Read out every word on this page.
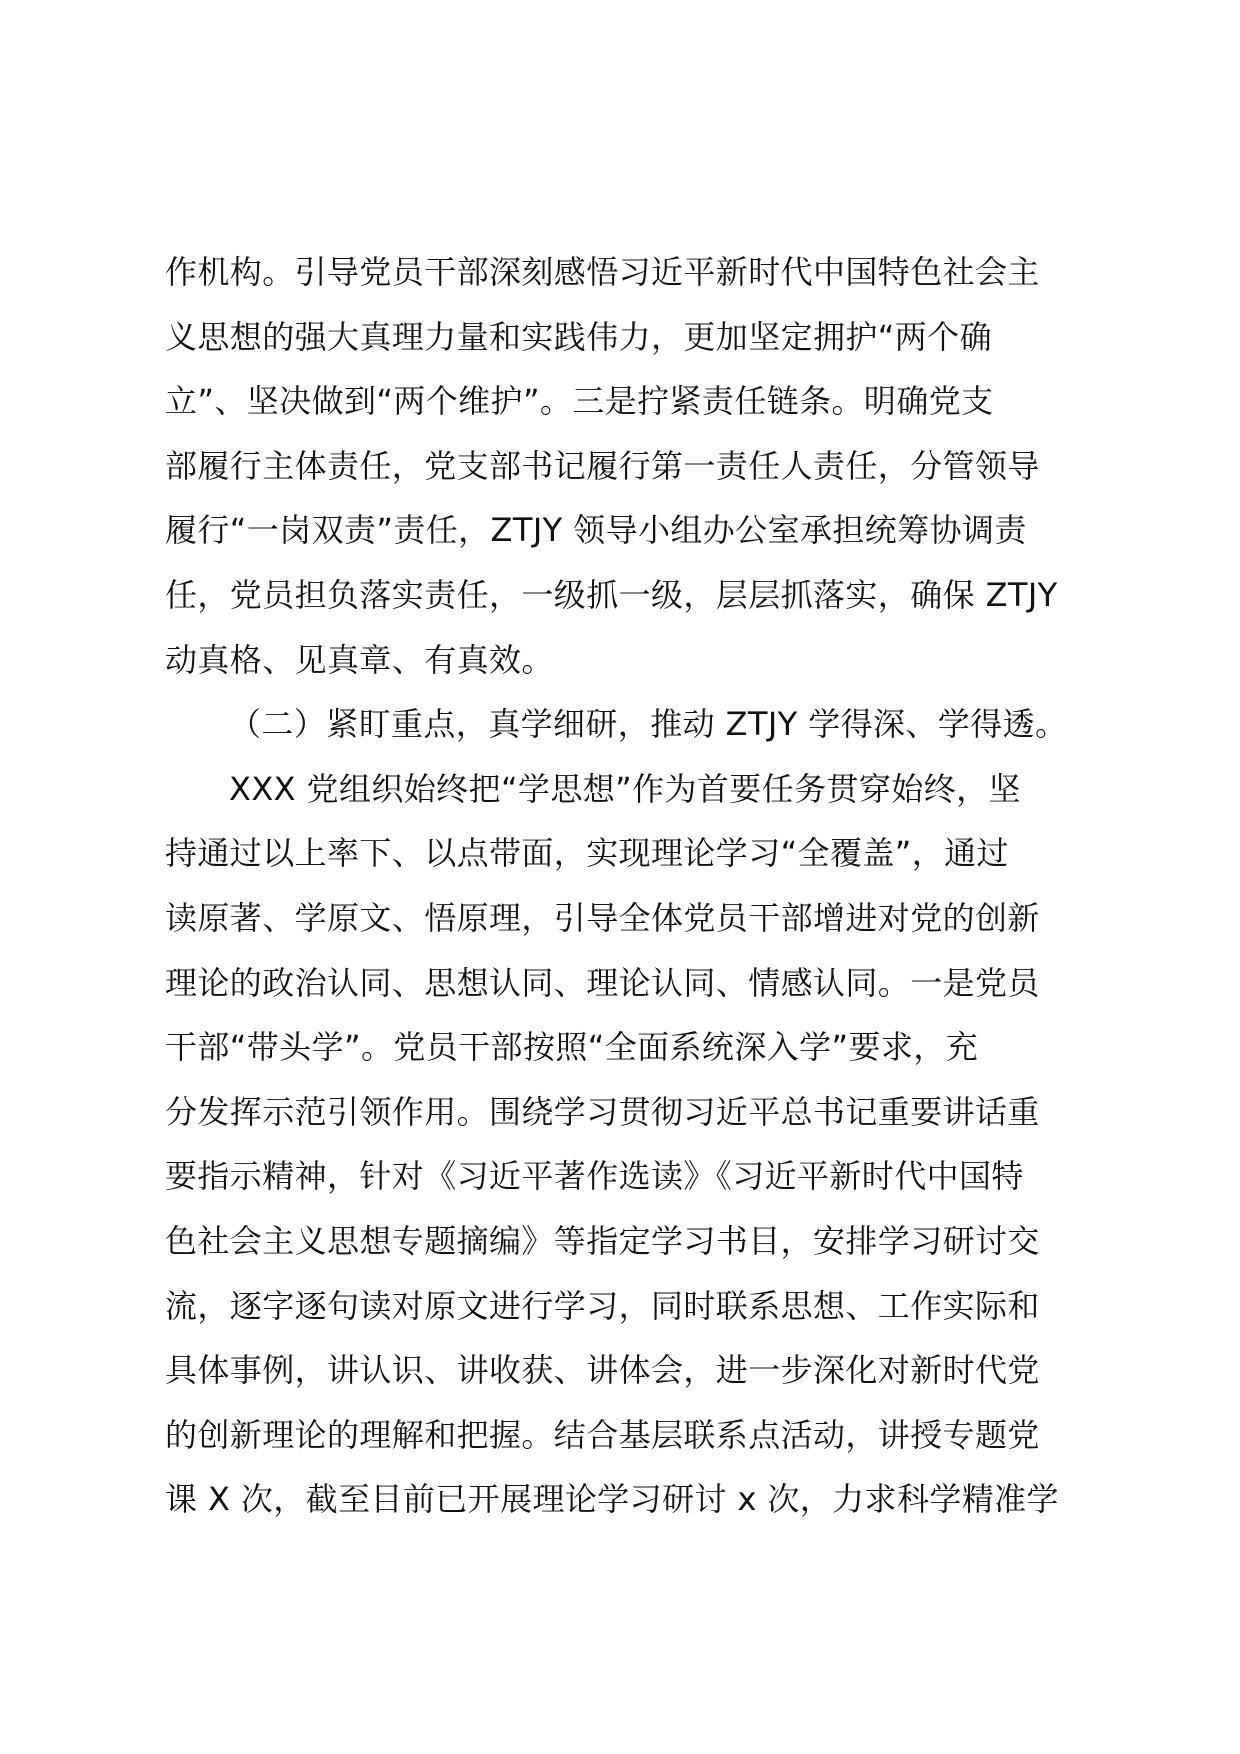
作机构。引导党员干部深刻感悟习近平新时代中国特色社会主
义思想的强大真理力量和实践伟力，更加坚定拥护“两个确
立”、坚决做到“两个维护”。三是拧紧责任链条。明确党支
部履行主体责任，党支部书记履行第一责任人责任，分管领导
履行“一岗双责”责任，ZTJY 领导小组办公室承担统筹协调责
任，党员担负落实责任，一级抓一级，层层抓落实，确保 ZTJY
动真格、见真章、有真效。
（二）紧盯重点，真学细研，推动 ZTJY 学得深、学得透。
XXX 党组织始终把“学思想”作为首要任务贯穿始终，坚
持通过以上率下、以点带面，实现理论学习“全覆盖”，通过
读原著、学原文、悟原理，引导全体党员干部增进对党的创新
理论的政治认同、思想认同、理论认同、情感认同。一是党员
干部“带头学”。党员干部按照“全面系统深入学”要求，充
分发挥示范引领作用。围绕学习贯彻习近平总书记重要讲话重
要指示精神，针对《习近平著作选读》《习近平新时代中国特
色社会主义思想专题摘编》等指定学习书目，安排学习研讨交
流，逐字逐句读对原文进行学习，同时联系思想、工作实际和
具体事例，讲认识、讲收获、讲体会，进一步深化对新时代党
的创新理论的理解和把握。结合基层联系点活动，讲授专题党
课 X 次，截至目前已开展理论学习研讨 x 次，力求科学精准学
